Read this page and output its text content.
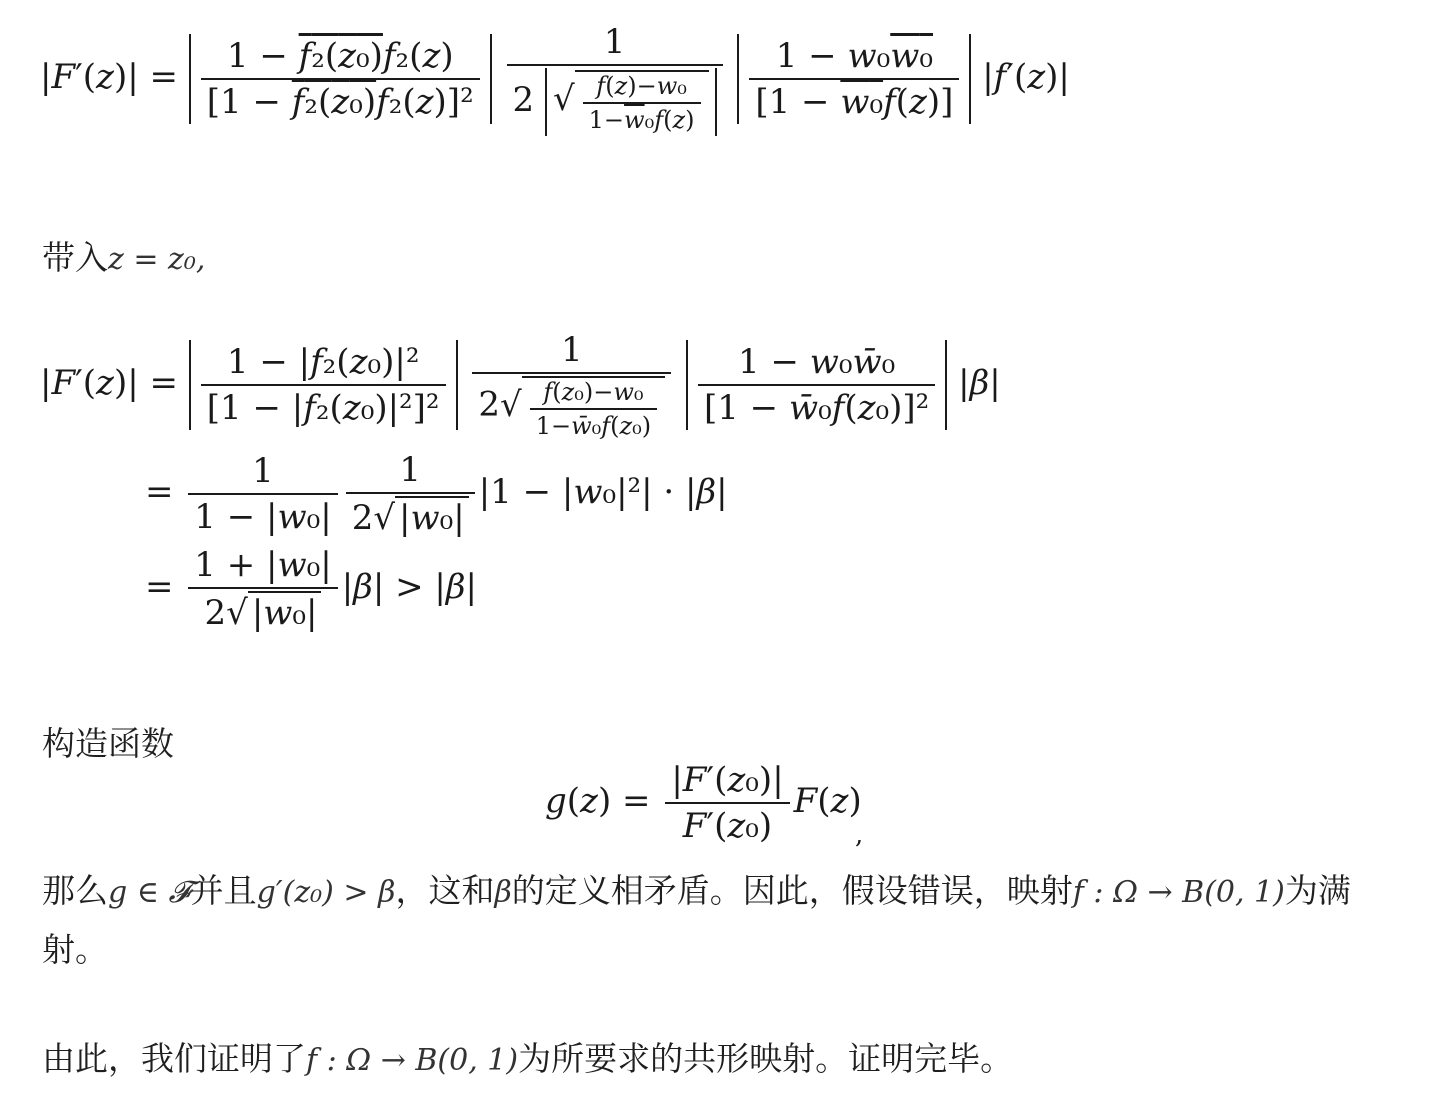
$|F'(z)| = \frac{\text{1 − f₂(z₀)f₂(z)}}{\text{[1 − f₂(z₀)f₂(z)]²}}$
$\frac{1}{2 √ \frac{\text{f(z)−w₀}}{1-\overline{w}_0f(z)}}$
$\frac{\text{1 − w₀w₀}}{\text{[1 − w₀f(z)]}} |f'(z)|$
带入z = z₀,
$|F'(z)| = \frac{\text{1 − |f₂(z₀)|²}}{\text{[1 − |f₂(z₀)|²]²}}$
$\frac{1}{2 √ \frac{\text{f(z₀)−w₀}}{\text{1−w̄₀f(z₀)}}}$
$\frac{\text{1 − w₀w̄₀}}{\text{[1 − w̄₀f(z₀)]²}} |\beta|$
= $\frac{1}{\text{1 − |w₀|}} \frac{1}{\text{2 √ |w₀|}} |1 - |w_0|^2| \cdot |\beta|$
= $\frac{\text{1 + |w₀|}}{\text{2 √ |w₀|}} |\beta| > |\beta|$
构造函数
$g(z) = \frac{\text{|F′(z₀)|}}{\text{F′(z₀)}} F(z)$
,
那么g ∈ 𝓕并且g′(z₀) > β，这和β的定义相矛盾。因此，假设错误，映射f : Ω → B(0, 1)为满射。
由此，我们证明了f : Ω → B(0, 1)为所要求的共形映射。证明完毕。
